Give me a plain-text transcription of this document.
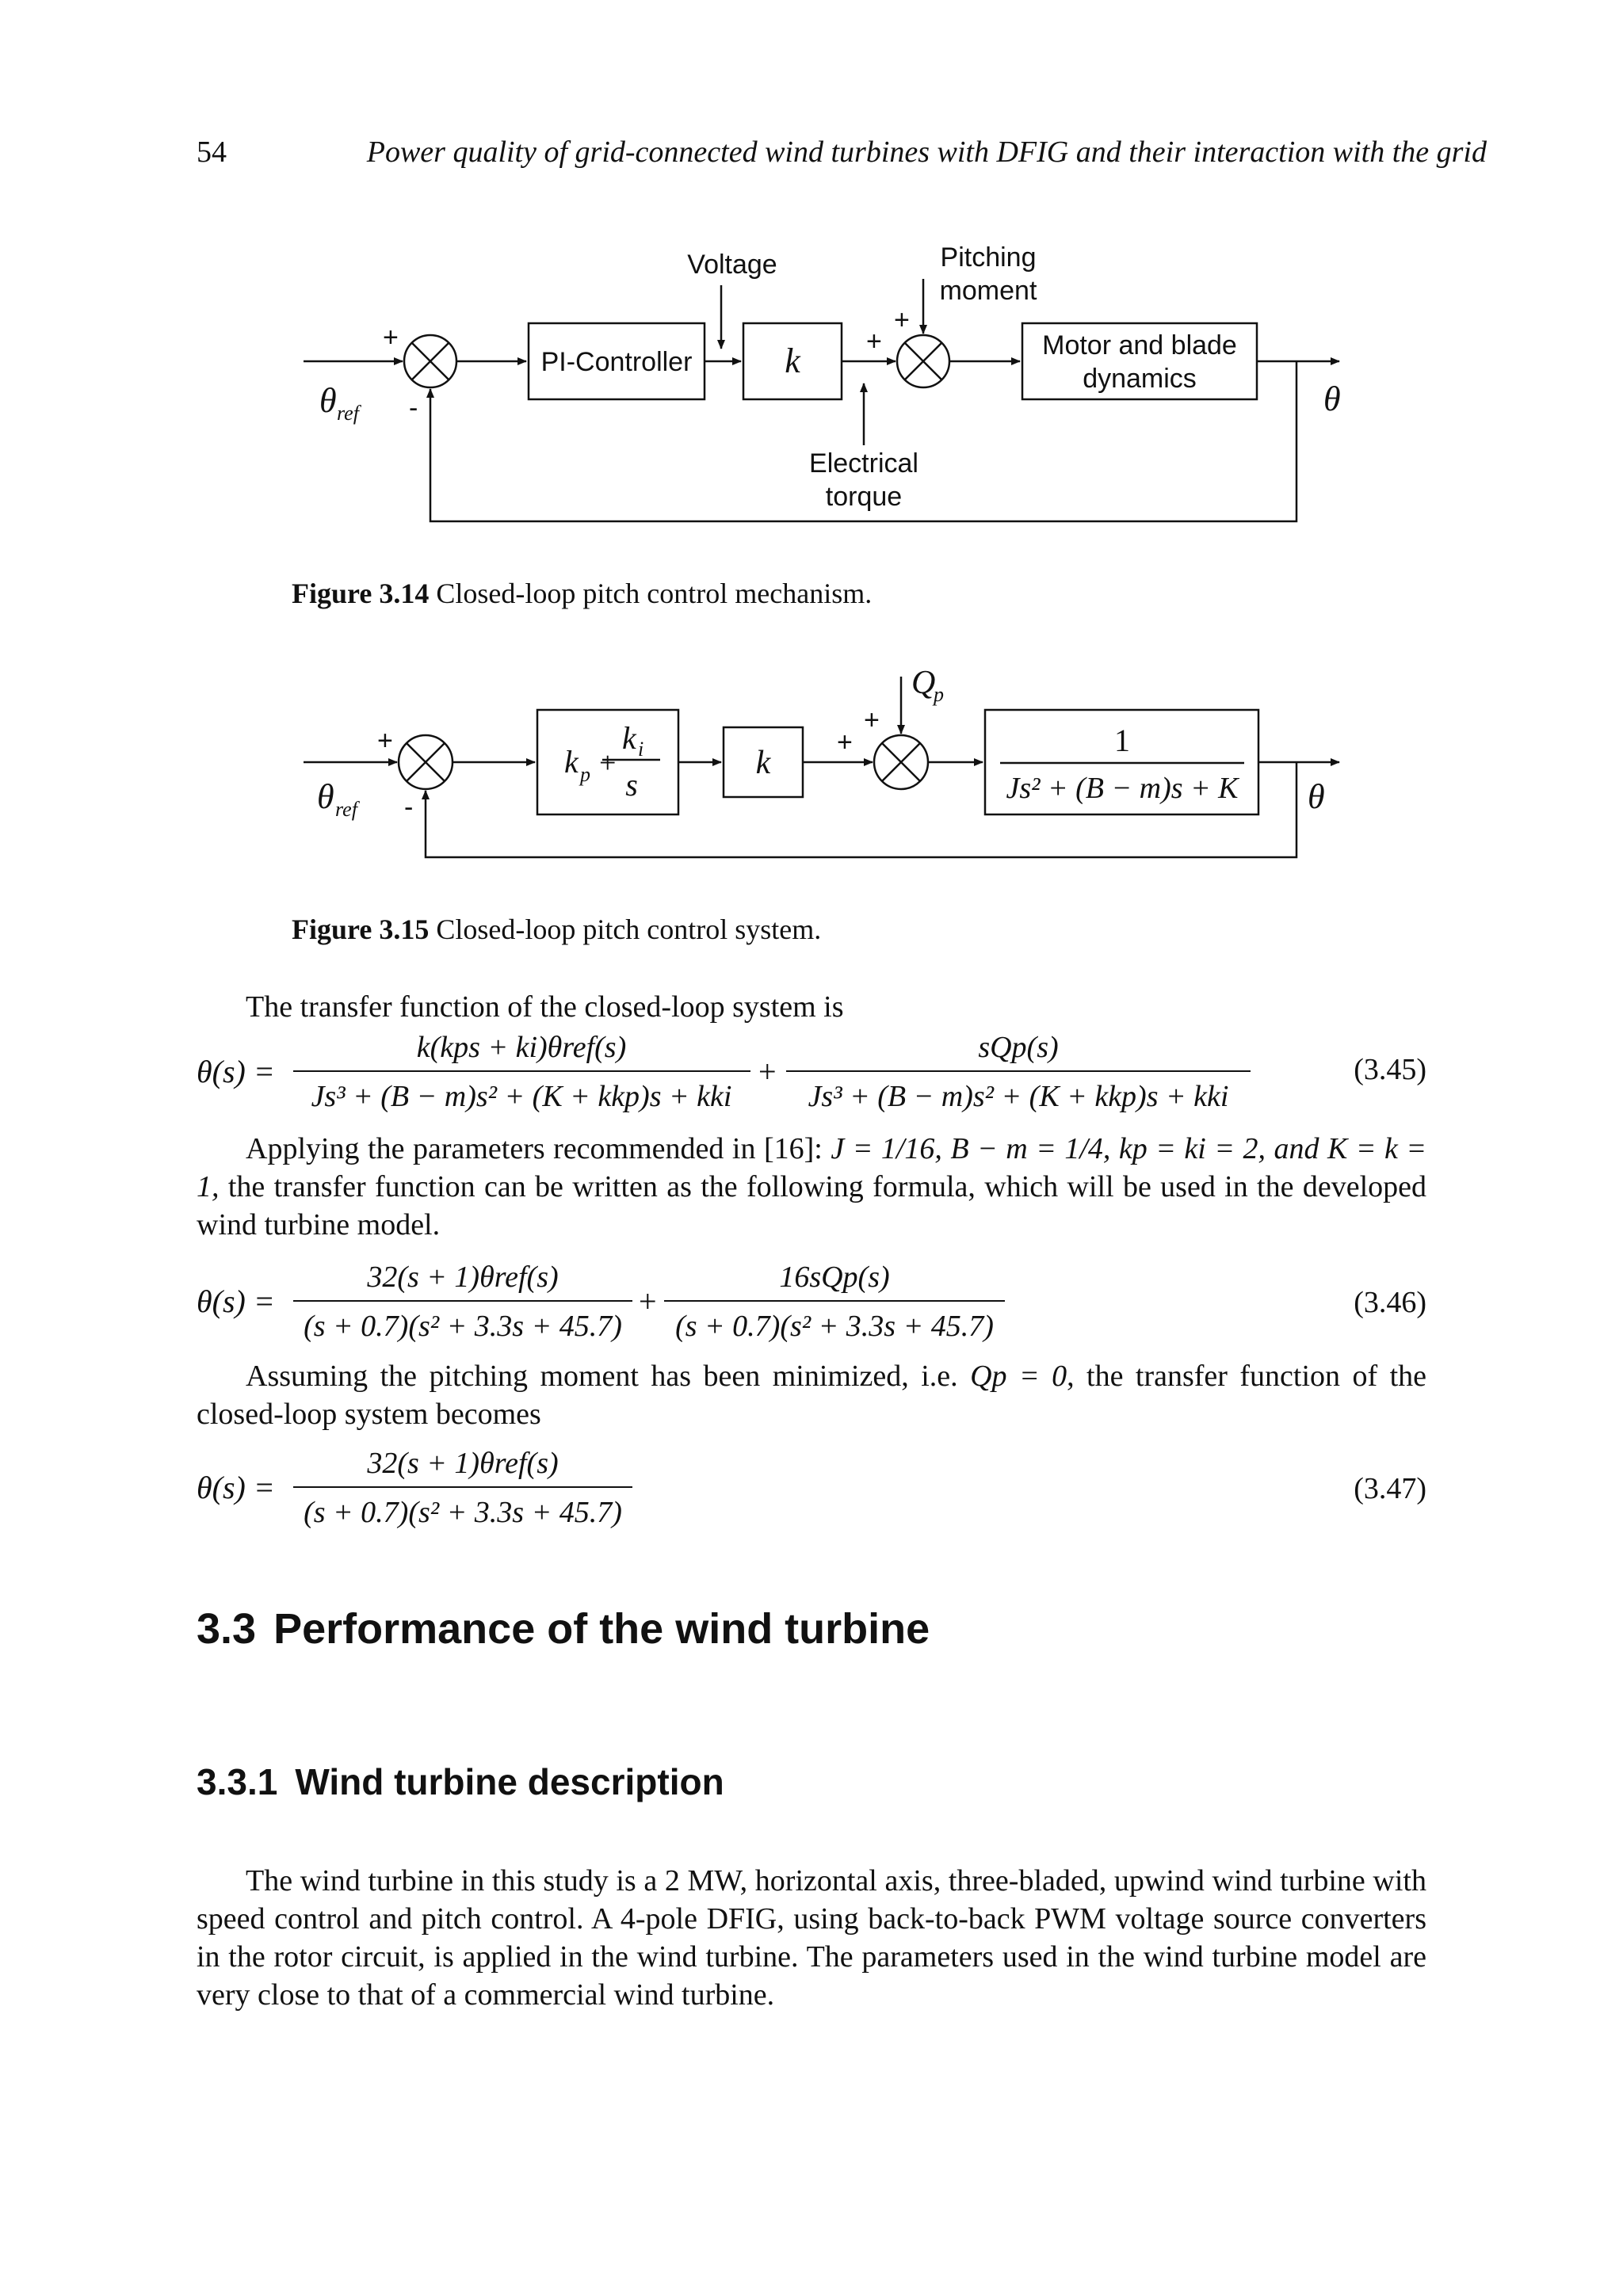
54	Power quality of grid-connected wind turbines with DFIG and their interaction with the grid
θ ref	θ
+
-
+
+
Voltage	Pitching
moment
PI-Controller	k	Motor and blade
dynamics
Electrical
torque
Figure 3.14 Closed-loop pitch control mechanism.
+
-
+
+
θ ref	θ
Q
p
k p +
k i
s
k
1
Js² + (B − m)s + K
Figure 3.15 Closed-loop pitch control system.
The transfer function of the closed-loop system is
θ(s) =
k(kps + ki)θref(s)
Js³ + (B − m)s² + (K + kkp)s + kki
+
sQp(s)
Js³ + (B − m)s² + (K + kkp)s + kki
(3.45)
Applying the parameters recommended in [16]: J = 1/16, B − m = 1/4, kp = ki = 2, and K = k = 1, the transfer function can be written as the following formula, which will be used in the developed wind turbine model.
θ(s) =
32(s + 1)θref(s)
(s + 0.7)(s² + 3.3s + 45.7)
+
16sQp(s)
(s + 0.7)(s² + 3.3s + 45.7)
(3.46)
Assuming the pitching moment has been minimized, i.e. Qp = 0, the transfer function of the closed-loop system becomes
θ(s) =
32(s + 1)θref(s)
(s + 0.7)(s² + 3.3s + 45.7)
(3.47)
3.3 Performance of the wind turbine
3.3.1 Wind turbine description
The wind turbine in this study is a 2 MW, horizontal axis, three-bladed, upwind wind turbine with speed control and pitch control. A 4-pole DFIG, using back-to-back PWM voltage source converters in the rotor circuit, is applied in the wind turbine. The parameters used in the wind turbine model are very close to that of a commercial wind turbine.
